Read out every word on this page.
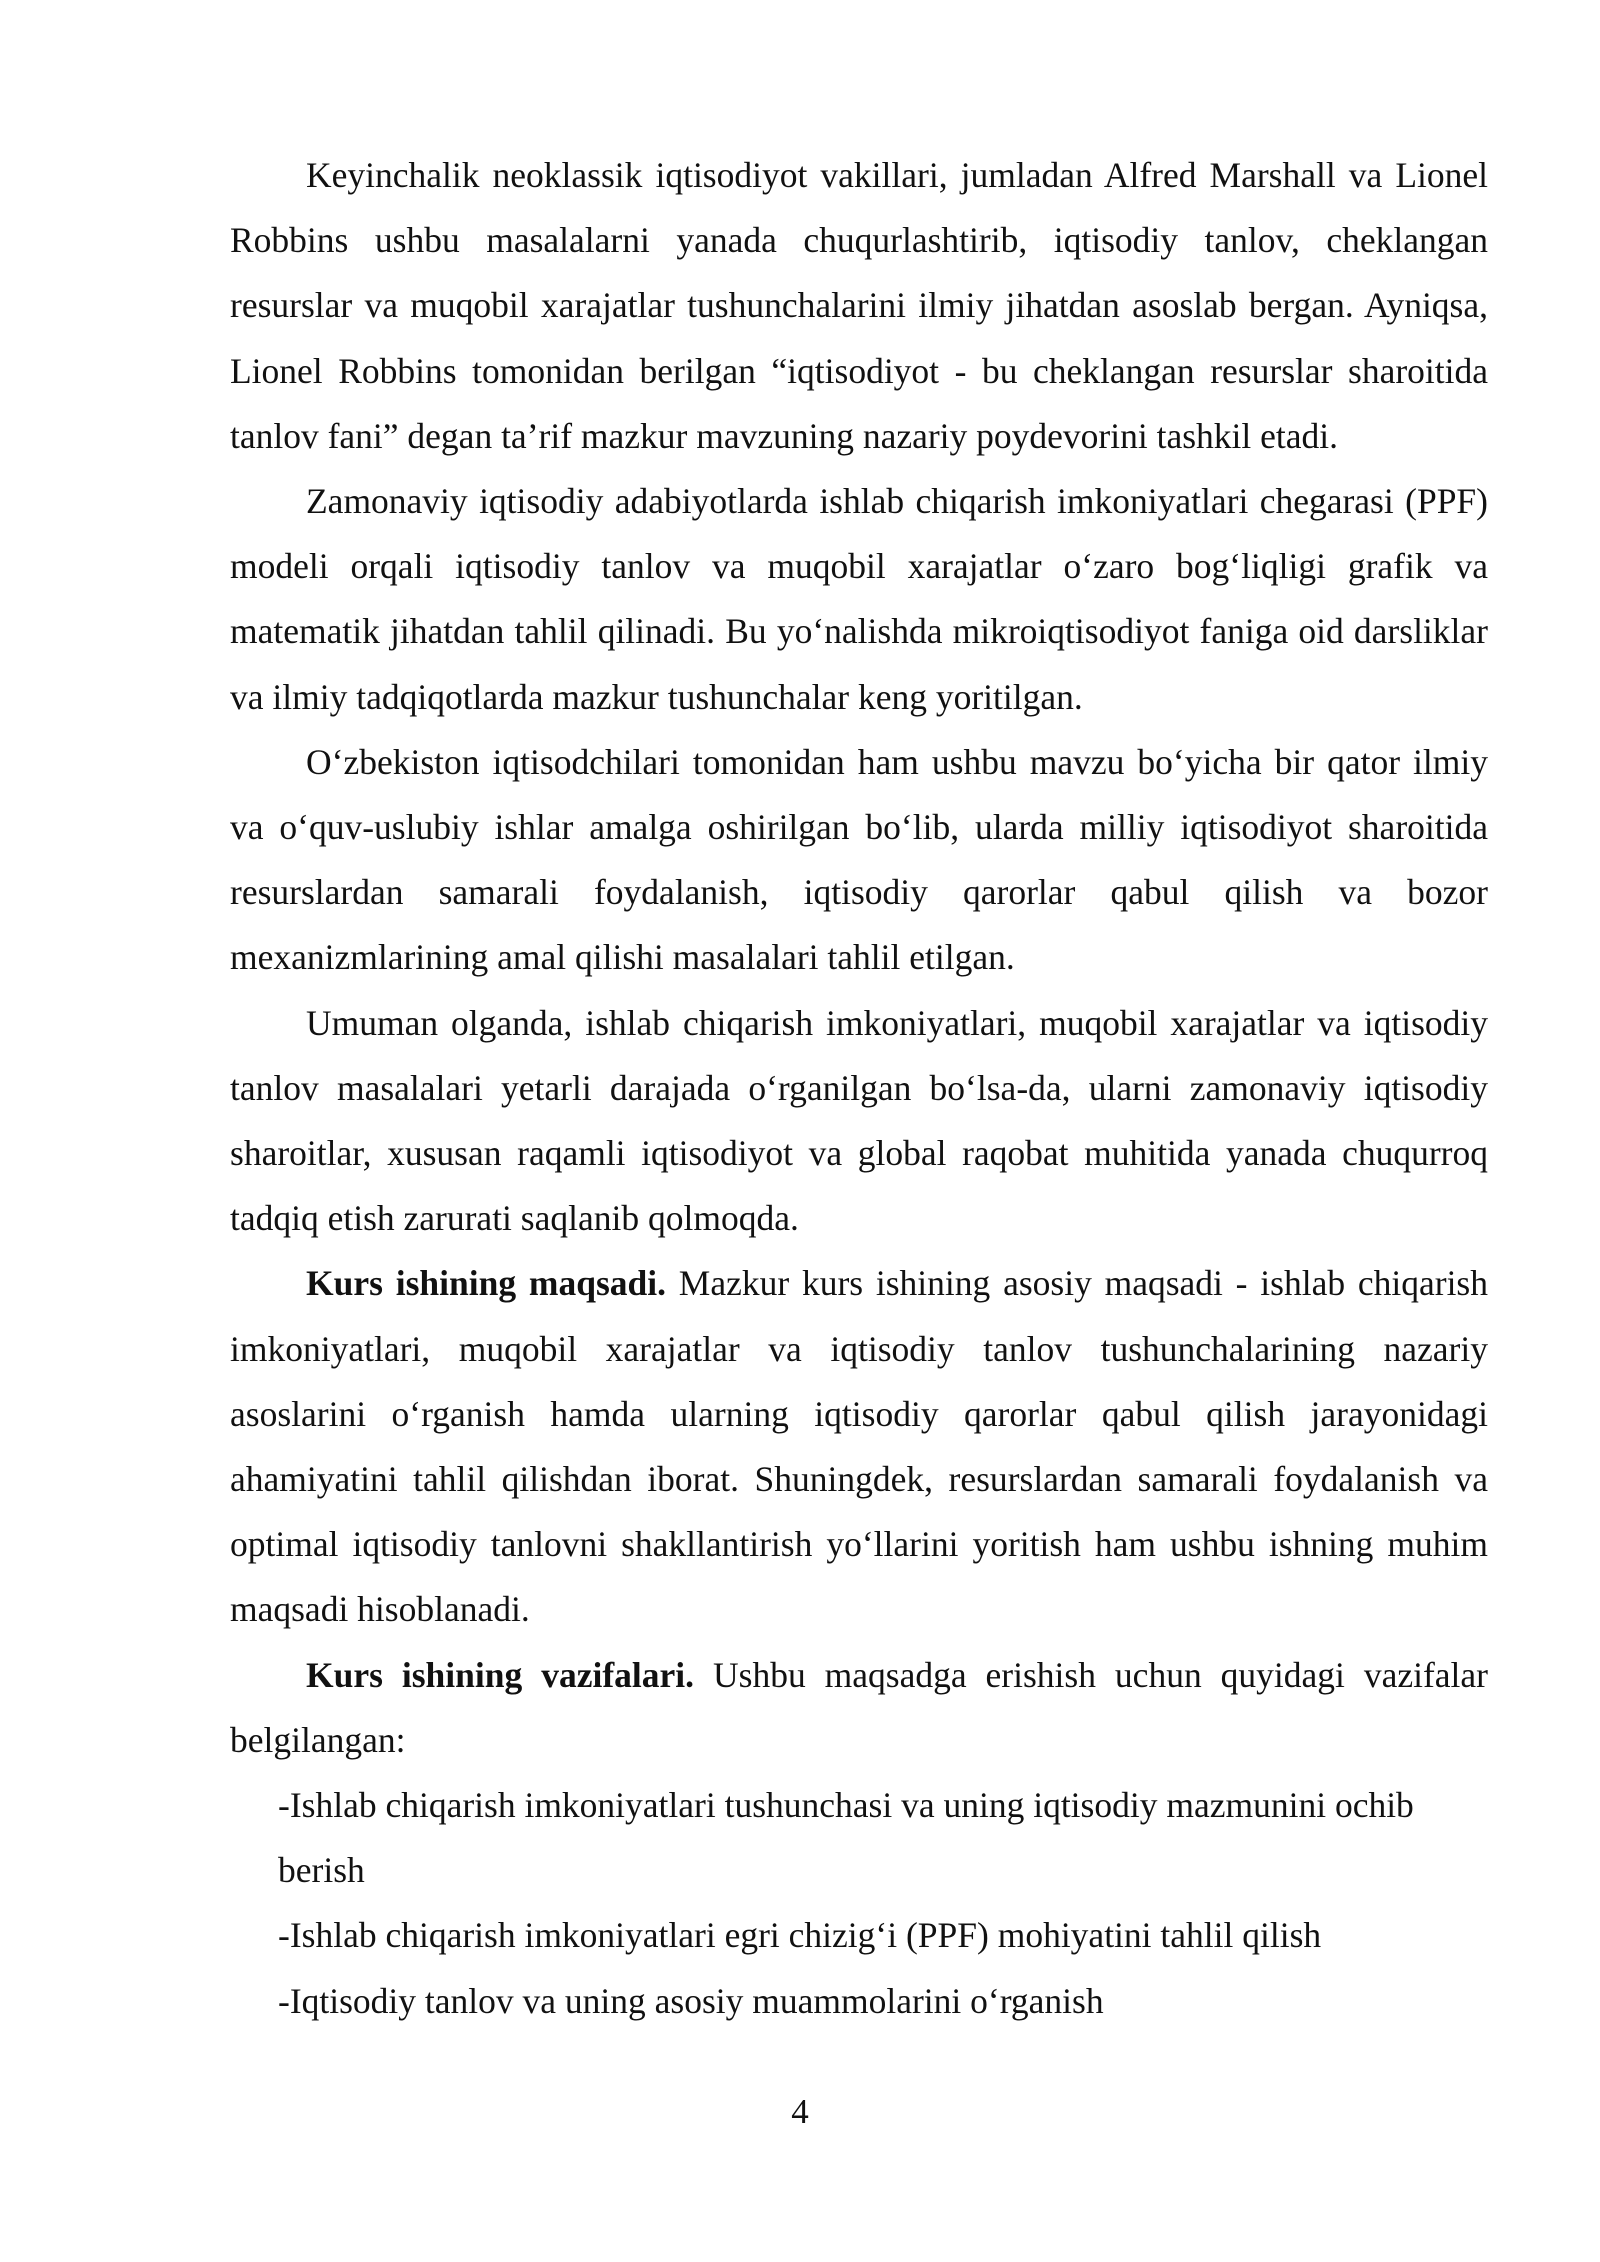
Keyinchalik neoklassik iqtisodiyot vakillari, jumladan Alfred Marshall va Lionel Robbins ushbu masalalarni yanada chuqurlashtirib, iqtisodiy tanlov, cheklangan resurslar va muqobil xarajatlar tushunchalarini ilmiy jihatdan asoslab bergan. Ayniqsa, Lionel Robbins tomonidan berilgan “iqtisodiyot - bu cheklangan resurslar sharoitida tanlov fani” degan ta’rif mazkur mavzuning nazariy poydevorini tashkil etadi.

Zamonaviy iqtisodiy adabiyotlarda ishlab chiqarish imkoniyatlari chegarasi (PPF) modeli orqali iqtisodiy tanlov va muqobil xarajatlar o‘zaro bog‘liqligi grafik va matematik jihatdan tahlil qilinadi. Bu yo‘nalishda mikroiqtisodiyot faniga oid darsliklar va ilmiy tadqiqotlarda mazkur tushunchalar keng yoritilgan.

O‘zbekiston iqtisodchilari tomonidan ham ushbu mavzu bo‘yicha bir qator ilmiy va o‘quv-uslubiy ishlar amalga oshirilgan bo‘lib, ularda milliy iqtisodiyot sharoitida resurslardan samarali foydalanish, iqtisodiy qarorlar qabul qilish va bozor mexanizmlarining amal qilishi masalalari tahlil etilgan.

Umuman olganda, ishlab chiqarish imkoniyatlari, muqobil xarajatlar va iqtisodiy tanlov masalalari yetarli darajada o‘rganilgan bo‘lsa-da, ularni zamonaviy iqtisodiy sharoitlar, xususan raqamli iqtisodiyot va global raqobat muhitida yanada chuqurroq tadqiq etish zarurati saqlanib qolmoqda.

Kurs ishining maqsadi. Mazkur kurs ishining asosiy maqsadi - ishlab chiqarish imkoniyatlari, muqobil xarajatlar va iqtisodiy tanlov tushunchalarining nazariy asoslarini o‘rganish hamda ularning iqtisodiy qarorlar qabul qilish jarayonidagi ahamiyatini tahlil qilishdan iborat. Shuningdek, resurslardan samarali foydalanish va optimal iqtisodiy tanlovni shakllantirish yo‘llarini yoritish ham ushbu ishning muhim maqsadi hisoblanadi.

Kurs ishining vazifalari. Ushbu maqsadga erishish uchun quyidagi vazifalar belgilangan:

-Ishlab chiqarish imkoniyatlari tushunchasi va uning iqtisodiy mazmunini ochib berish

-Ishlab chiqarish imkoniyatlari egri chizig‘i (PPF) mohiyatini tahlil qilish

-Iqtisodiy tanlov va uning asosiy muammolarini o‘rganish

4
